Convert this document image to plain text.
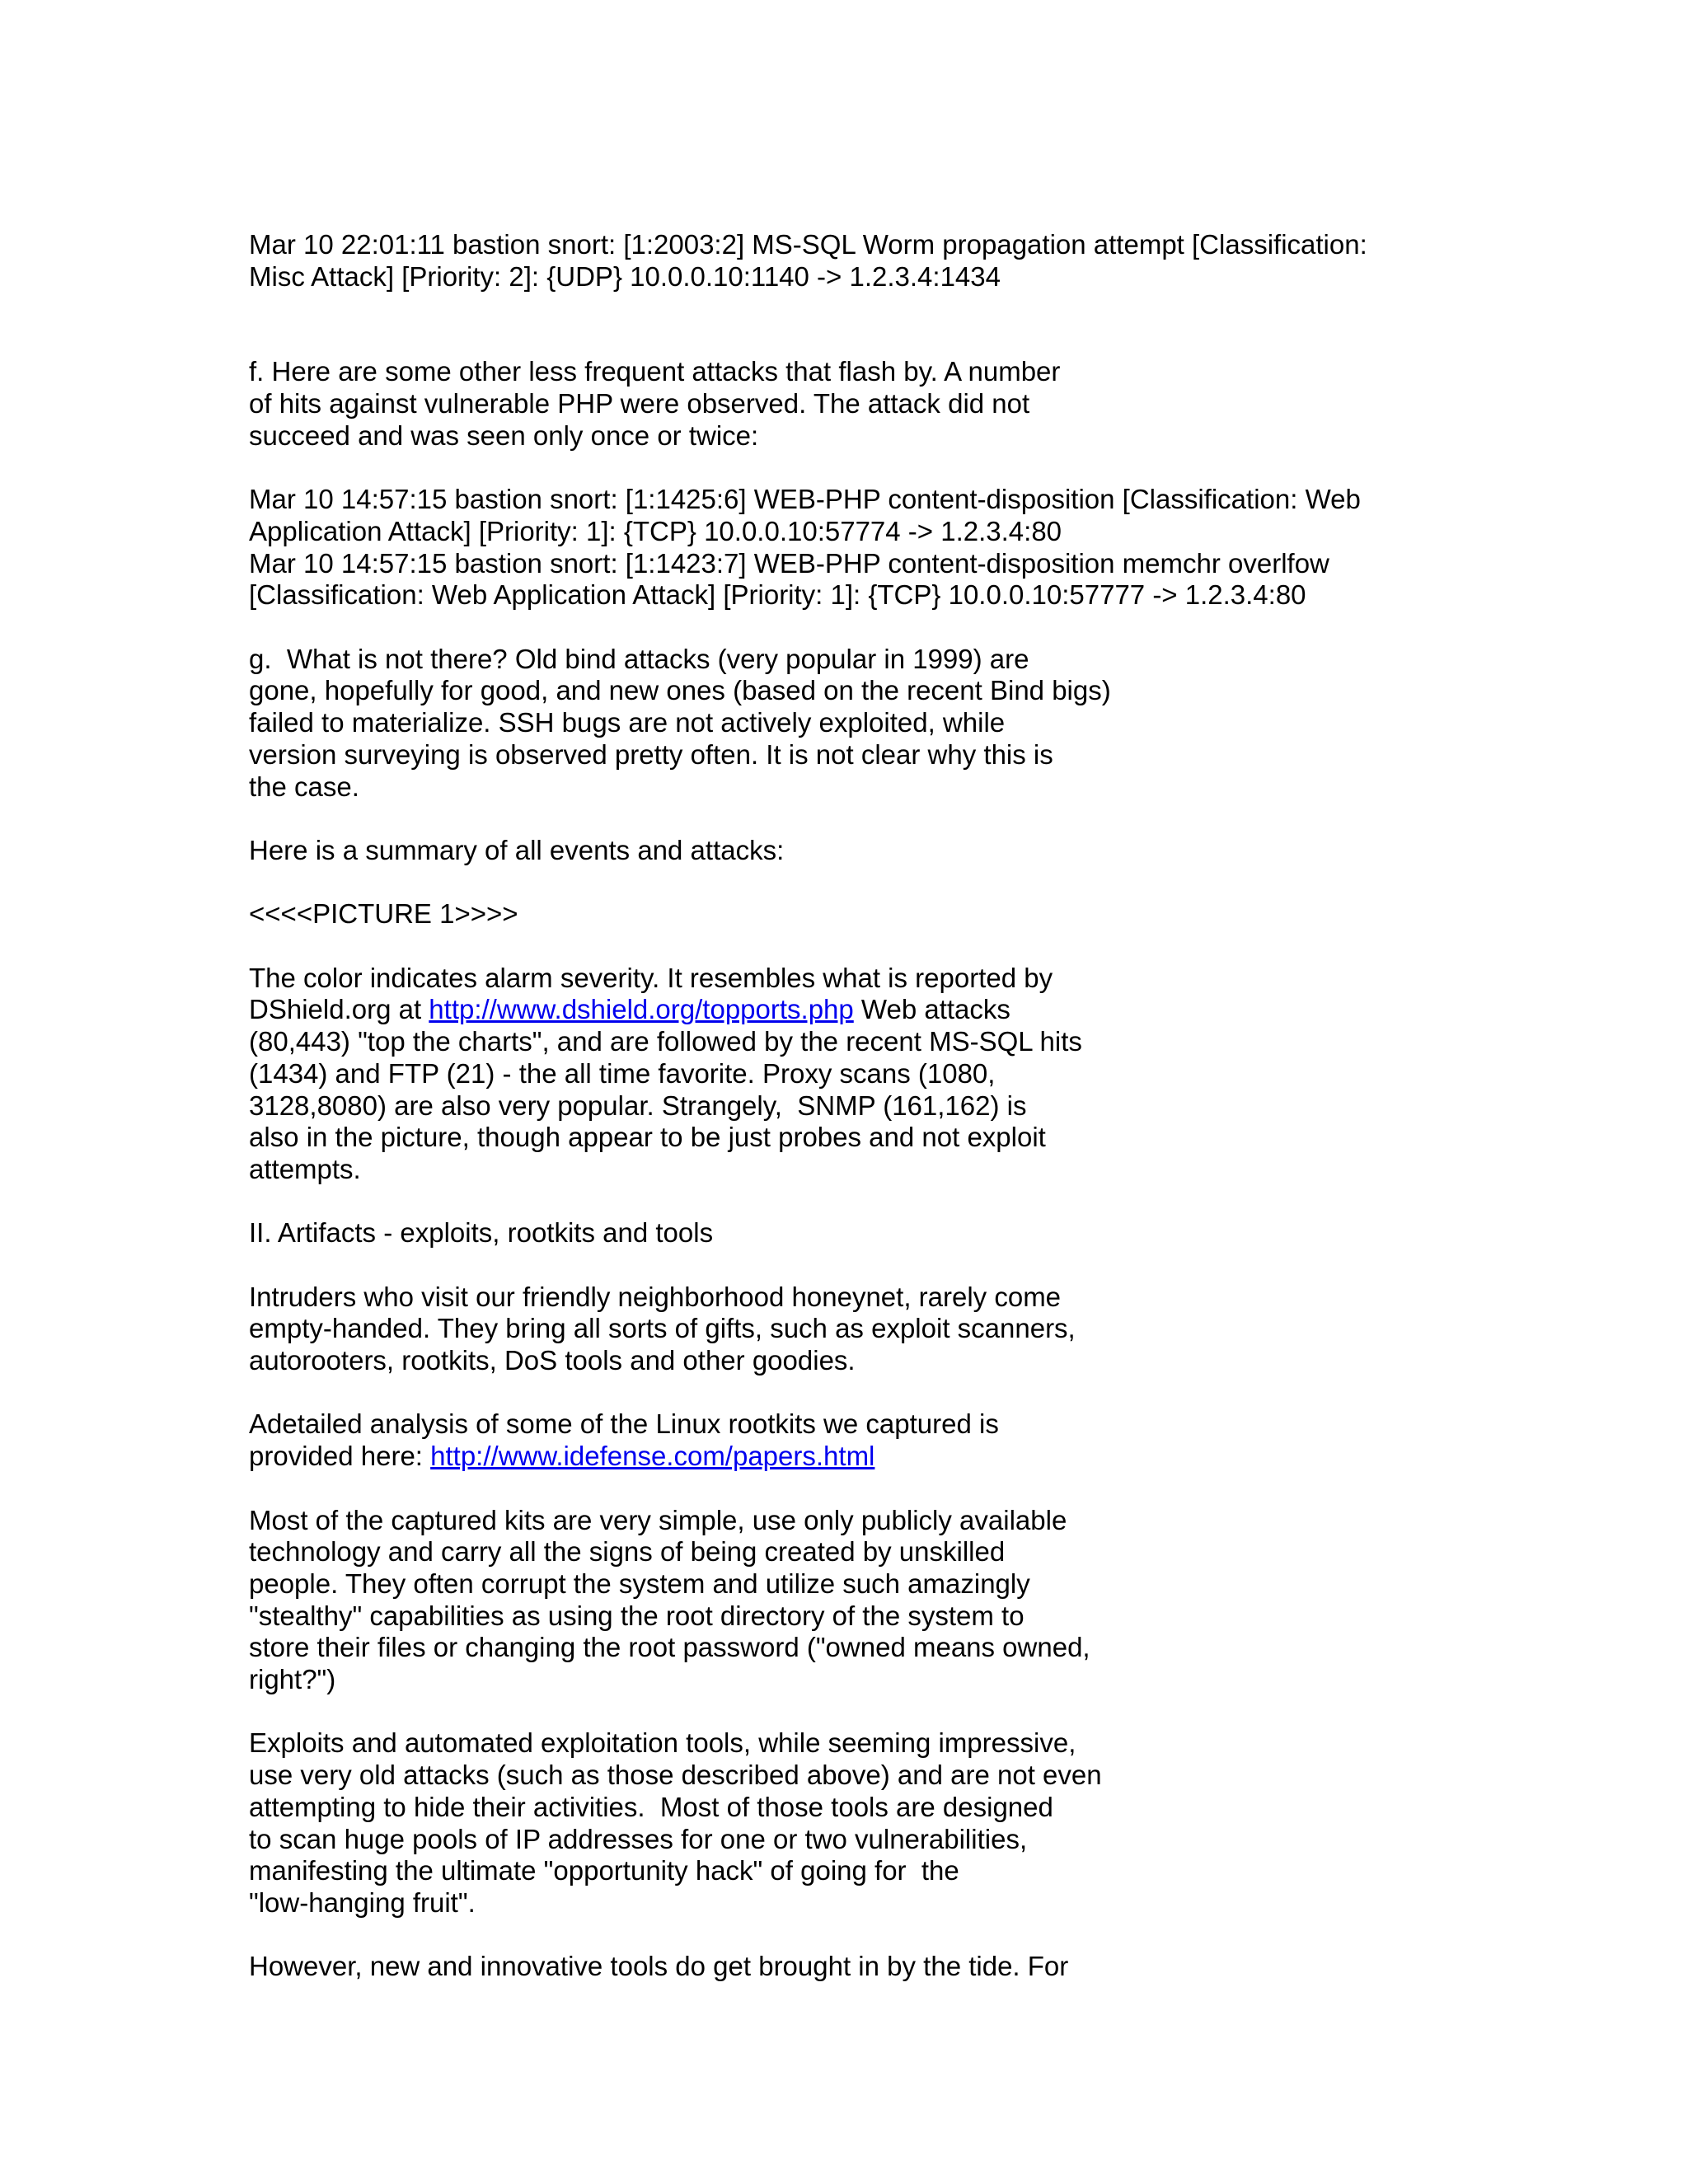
Mar 10 22:01:11 bastion snort: [1:2003:2] MS-SQL Worm propagation attempt [Classification:
Misc Attack] [Priority: 2]: {UDP} 10.0.0.10:1140 -> 1.2.3.4:1434
f. Here are some other less frequent attacks that flash by. A number
of hits against vulnerable PHP were observed. The attack did not
succeed and was seen only once or twice:
Mar 10 14:57:15 bastion snort: [1:1425:6] WEB-PHP content-disposition [Classification: Web
Application Attack] [Priority: 1]: {TCP} 10.0.0.10:57774 -> 1.2.3.4:80
Mar 10 14:57:15 bastion snort: [1:1423:7] WEB-PHP content-disposition memchr overlfow
[Classification: Web Application Attack] [Priority: 1]: {TCP} 10.0.0.10:57777 -> 1.2.3.4:80
g.  What is not there? Old bind attacks (very popular in 1999) are
gone, hopefully for good, and new ones (based on the recent Bind bigs)
failed to materialize. SSH bugs are not actively exploited, while
version surveying is observed pretty often. It is not clear why this is
the case.
Here is a summary of all events and attacks:
<<<<PICTURE 1>>>>
The color indicates alarm severity. It resembles what is reported by
DShield.org at http://www.dshield.org/topports.php Web attacks
(80,443) "top the charts", and are followed by the recent MS-SQL hits
(1434) and FTP (21) - the all time favorite. Proxy scans (1080,
3128,8080) are also very popular. Strangely,  SNMP (161,162) is
also in the picture, though appear to be just probes and not exploit
attempts.
II. Artifacts - exploits, rootkits and tools
Intruders who visit our friendly neighborhood honeynet, rarely come
empty-handed. They bring all sorts of gifts, such as exploit scanners,
autorooters, rootkits, DoS tools and other goodies.
Adetailed analysis of some of the Linux rootkits we captured is
provided here: http://www.idefense.com/papers.html
Most of the captured kits are very simple, use only publicly available
technology and carry all the signs of being created by unskilled
people. They often corrupt the system and utilize such amazingly
"stealthy" capabilities as using the root directory of the system to
store their files or changing the root password ("owned means owned,
right?")
Exploits and automated exploitation tools, while seeming impressive,
use very old attacks (such as those described above) and are not even
attempting to hide their activities.  Most of those tools are designed
to scan huge pools of IP addresses for one or two vulnerabilities,
manifesting the ultimate "opportunity hack" of going for  the
"low-hanging fruit".
However, new and innovative tools do get brought in by the tide. For
